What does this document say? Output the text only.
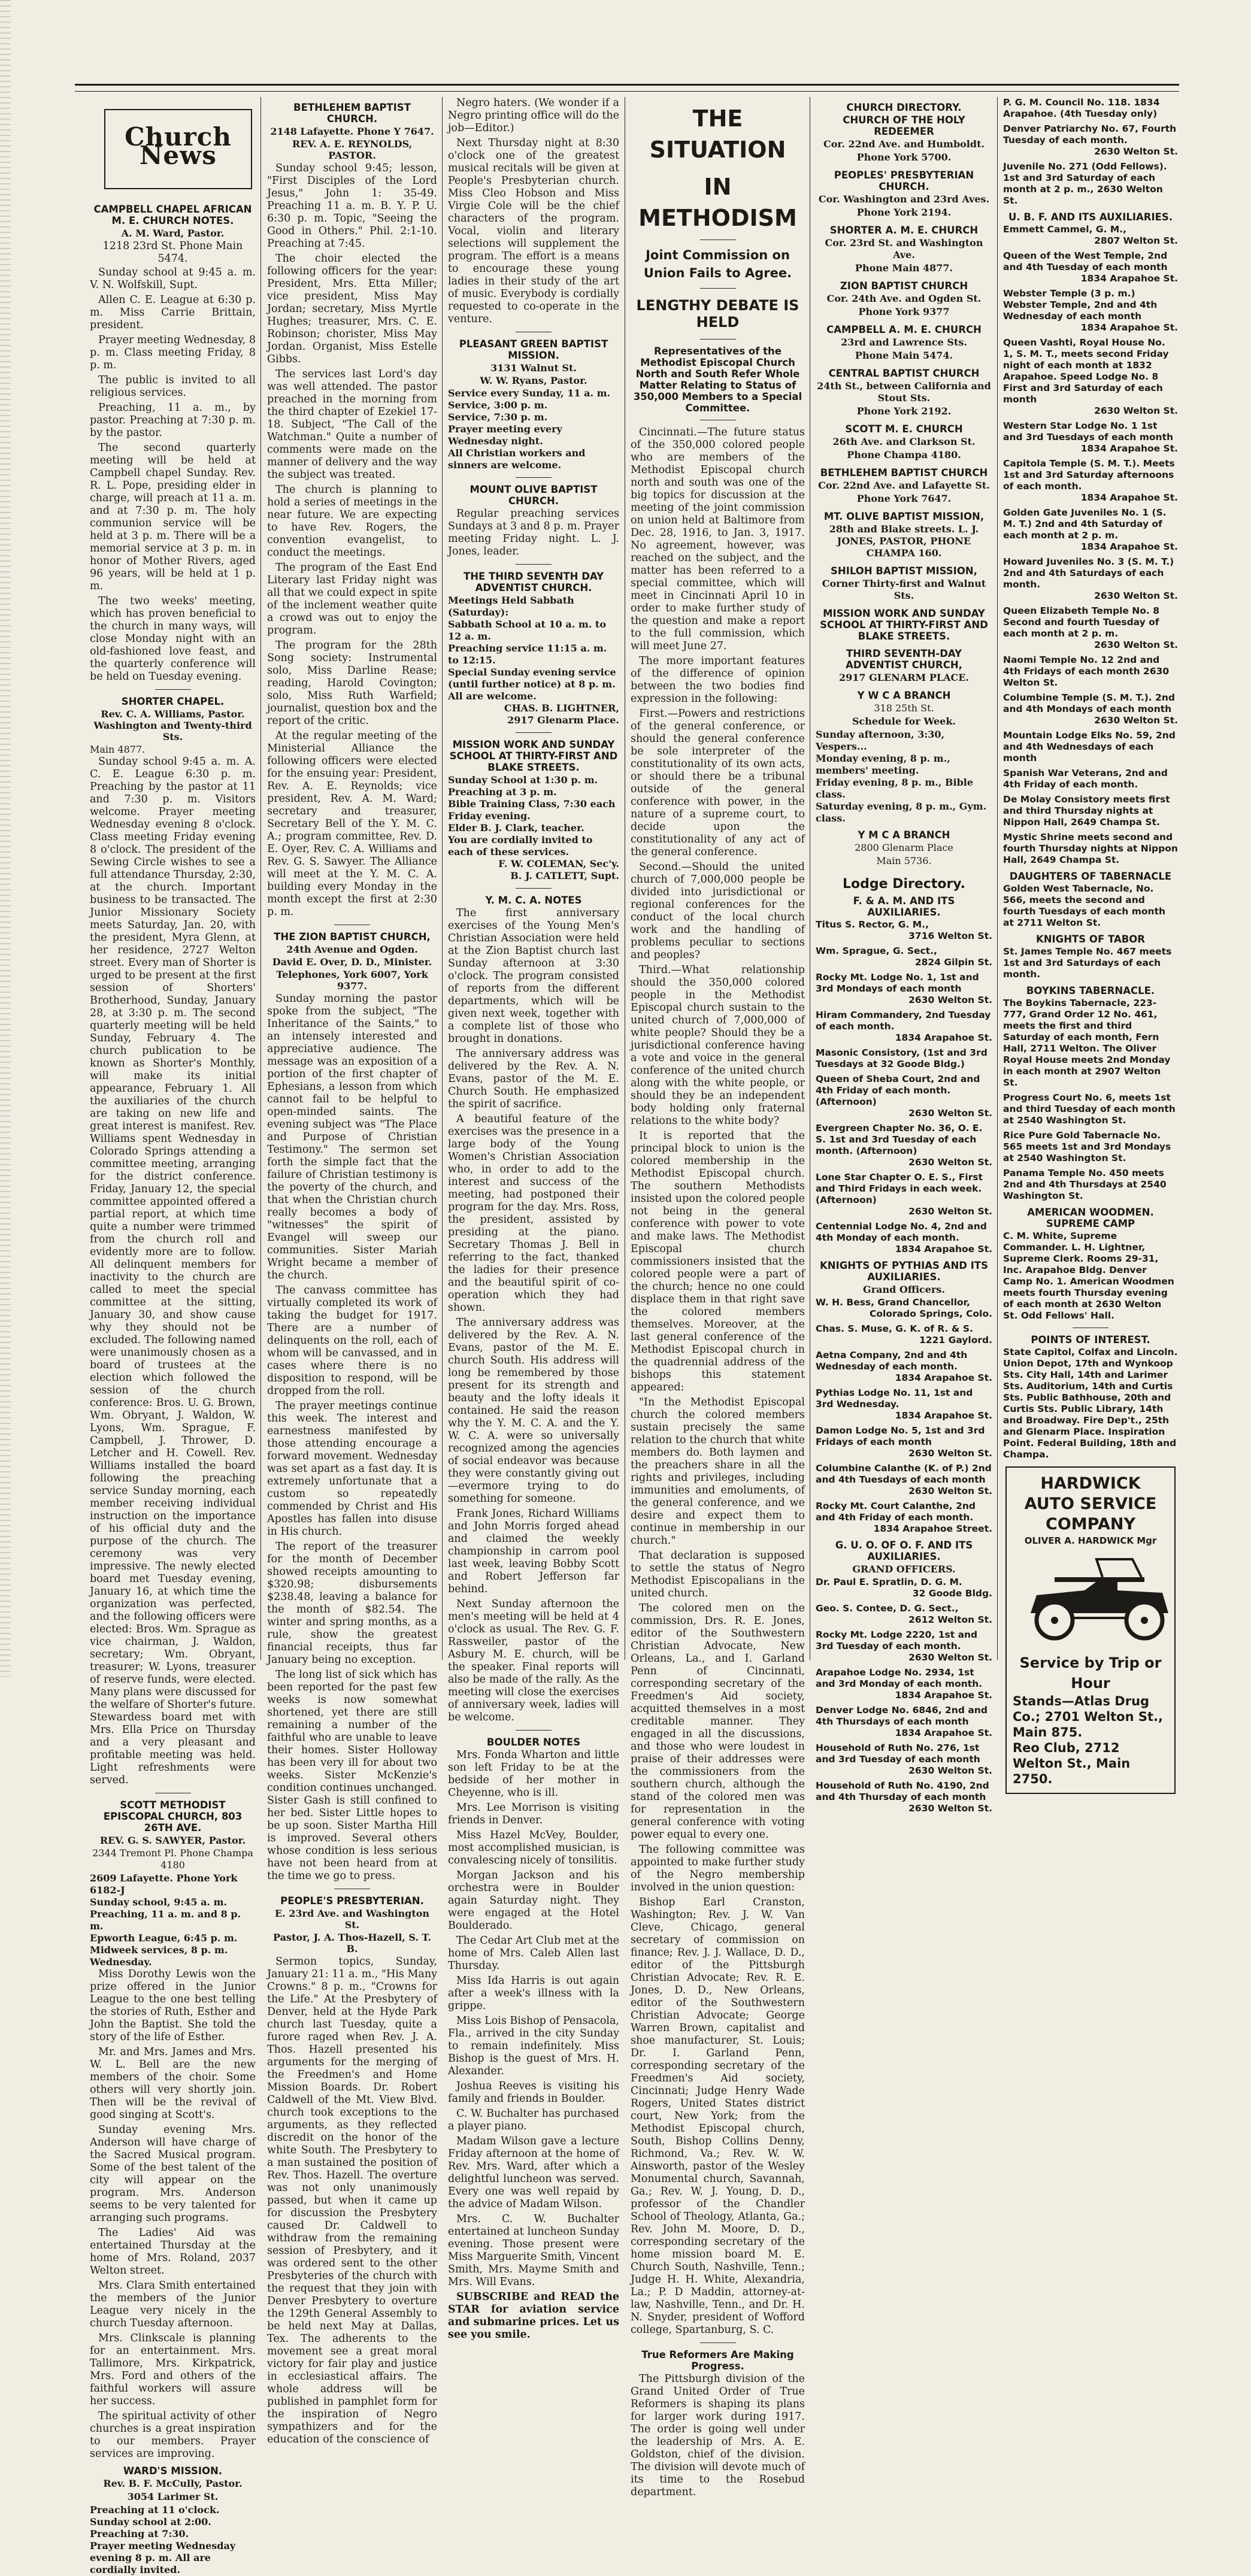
Church News
CAMPBELL CHAPEL AFRICAN M. E. CHURCH NOTES.
A. M. Ward, Pastor.
1218 23rd St. Phone Main 5474.

Sunday school at 9:45 a. m. V. N. Wolfskill, Supt.

Allen C. E. League at 6:30 p. m. Miss Carrie Brittain, president.

Prayer meeting Wednesday, 8 p. m. Class meeting Friday, 8 p. m.

The public is invited to all religious services.

Preaching, 11 a. m., by pastor. Preaching at 7:30 p. m. by the pastor.

The second quarterly meeting will be held at Campbell chapel Sunday. Rev. R. L. Pope, presiding elder in charge, will preach at 11 a. m. and at 7:30 p. m. The holy communion service will be held at 3 p. m. There will be a memorial service at 3 p. m. in honor of Mother Rivers, aged 96 years, will be held at 1 p. m.

The two weeks' meeting, which has proven beneficial to the church in many ways, will close Monday night with an old-fashioned love feast, and the quarterly conference will be held on Tuesday evening.

SHORTER CHAPEL.
Rev. C. A. Williams, Pastor. Washington and Twenty-third Sts.
Main 4877.

Sunday school 9:45 a. m. A. C. E. League 6:30 p. m. Preaching by the pastor at 11 and 7:30 p. m. Visitors welcome. Prayer meeting Wednesday evening 8 o'clock. Class meeting Friday evening 8 o'clock. The president of the Sewing Circle wishes to see a full attendance Thursday, 2:30, at the church. Important business to be transacted. The Junior Missionary Society meets Saturday, Jan. 20, with the president, Myra Glenn, at her residence, 2727 Welton street. Every man of Shorter is urged to be present at the first session of Shorters' Brotherhood, Sunday, January 28, at 3:30 p. m. The second quarterly meeting will be held Sunday, February 4. The church publication to be known as Shorter's Monthly, will make its initial appearance, February 1. All the auxiliaries of the church are taking on new life and great interest is manifest. Rev. Williams spent Wednesday in Colorado Springs attending a committee meeting, arranging for the district conference. Friday, January 12, the special committee appointed offered a partial report, at which time quite a number were trimmed from the church roll and evidently more are to follow. All delinquent members for inactivity to the church are called to meet the special committee at the sitting, January 30, and show cause why they should not be excluded. The following named were unanimously chosen as a board of trustees at the election which followed the session of the church conference: Bros. U. G. Brown, Wm. Obryant, J. Waldon, W. Lyons, Wm. Sprague, F. Campbell, J. Thrower, D. Letcher and H. Cowell. Rev. Williams installed the board following the preaching service Sunday morning, each member receiving individual instruction on the importance of his official duty and the purpose of the church. The ceremony was very impressive. The newly elected board met Tuesday evening, January 16, at which time the organization was perfected, and the following officers were elected: Bros. Wm. Sprague as vice chairman, J. Waldon, secretary; Wm. Obryant, treasurer; W. Lyons, treasurer of reserve funds, were elected. Many plans were discussed for the welfare of Shorter's future. Stewardess board met with Mrs. Ella Price on Thursday and a very pleasant and profitable meeting was held. Light refreshments were served.

SCOTT METHODIST EPISCOPAL CHURCH, 803 26TH AVE.
REV. G. S. SAWYER, Pastor.
2344 Tremont Pl. Phone Champa 4180
2609 Lafayette. Phone York 6182-J
Sunday school, 9:45 a. m.
Preaching, 11 a. m. and 8 p. m.
Epworth League, 6:45 p. m.
Midweek services, 8 p. m. Wednesday.

Miss Dorothy Lewis won the prize offered in the Junior League to the one best telling the stories of Ruth, Esther and John the Baptist. She told the story of the life of Esther.

Mr. and Mrs. James and Mrs. W. L. Bell are the new members of the choir. Some others will very shortly join. Then will be the revival of good singing at Scott's.

Sunday evening Mrs. Anderson will have charge of the Sacred Musical program. Some of the best talent of the city will appear on the program. Mrs. Anderson seems to be very talented for arranging such programs.

The Ladies' Aid was entertained Thursday at the home of Mrs. Roland, 2037 Welton street.

Mrs. Clara Smith entertained the members of the Junior League very nicely in the church Tuesday afternoon.

Mrs. Clinkscale is planning for an entertainment. Mrs. Tallimore, Mrs. Kirkpatrick, Mrs. Ford and others of the faithful workers will assure her success.

The spiritual activity of other churches is a great inspiration to our members. Prayer services are improving.

WARD'S MISSION.
Rev. B. F. McCully, Pastor.
3054 Larimer St.
Preaching at 11 o'clock.
Sunday school at 2:00.
Preaching at 7:30.
Prayer meeting Wednesday evening 8 p. m. All are cordially invited.
BETHLEHEM BAPTIST CHURCH.
2148 Lafayette. Phone Y 7647.
REV. A. E. REYNOLDS, PASTOR.

Sunday school 9:45; lesson, "First Disciples of the Lord Jesus," John 1: 35-49. Preaching 11 a. m. B. Y. P. U. 6:30 p. m. Topic, "Seeing the Good in Others." Phil. 2:1-10. Preaching at 7:45.

The choir elected the following officers for the year: President, Mrs. Etta Miller; vice president, Miss May Jordan; secretary, Miss Myrtle Hughes; treasurer, Mrs. C. E. Robinson; chorister, Miss May Jordan. Organist, Miss Estelle Gibbs.

The services last Lord's day was well attended. The pastor preached in the morning from the third chapter of Ezekiel 17-18. Subject, "The Call of the Watchman." Quite a number of comments were made on the manner of delivery and the way the subject was treated.

The church is planning to hold a series of meetings in the near future. We are expecting to have Rev. Rogers, the convention evangelist, to conduct the meetings.

The program of the East End Literary last Friday night was all that we could expect in spite of the inclement weather quite a crowd was out to enjoy the program.

The program for the 28th Song society: Instrumental solo, Miss Darline Rease; reading, Harold Covington; solo, Miss Ruth Warfield; journalist, question box and the report of the critic.

At the regular meeting of the Ministerial Alliance the following officers were elected for the ensuing year: President, Rev. A. E. Reynolds; vice president, Rev. A. M. Ward; secretary and treasurer, Secretary Bell of the Y. M. C. A.; program committee, Rev. D. E. Oyer, Rev. C. A. Williams and Rev. G. S. Sawyer. The Alliance will meet at the Y. M. C. A. building every Monday in the month except the first at 2:30 p. m.

THE ZION BAPTIST CHURCH,
24th Avenue and Ogden.
David E. Over, D. D., Minister.
Telephones, York 6007, York 9377.

Sunday morning the pastor spoke from the subject, "The Inheritance of the Saints," to an intensely interested and appreciative audience. The message was an exposition of a portion of the first chapter of Ephesians, a lesson from which cannot fail to be helpful to open-minded saints. The evening subject was "The Place and Purpose of Christian Testimony." The sermon set forth the simple fact that the failure of Christian testimony is the poverty of the church, and that when the Christian church really becomes a body of "witnesses" the spirit of Evangel will sweep our communities. Sister Mariah Wright became a member of the church.

The canvass committee has virtually completed its work of taking the budget for 1917. There are a number of delinquents on the roll, each of whom will be canvassed, and in cases where there is no disposition to respond, will be dropped from the roll.

The prayer meetings continue this week. The interest and earnestness manifested by those attending encourage a forward movement. Wednesday was set apart as a fast day. It is extremely unfortunate that a custom so repeatedly commended by Christ and His Apostles has fallen into disuse in His church.

The report of the treasurer for the month of December showed receipts amounting to $320.98; disbursements $238.48, leaving a balance for the month of $82.54. The winter and spring months, as a rule, show the greatest financial receipts, thus far January being no exception.

The long list of sick which has been reported for the past few weeks is now somewhat shortened, yet there are still remaining a number of the faithful who are unable to leave their homes. Sister Holloway has been very ill for about two weeks. Sister McKenzie's condition continues unchanged. Sister Gash is still confined to her bed. Sister Little hopes to be up soon. Sister Martha Hill is improved. Several others whose condition is less serious have not been heard from at the time we go to press.

PEOPLE'S PRESBYTERIAN.
E. 23rd Ave. and Washington St.
Pastor, J. A. Thos-Hazell, S. T. B.

Sermon topics, Sunday, January 21: 11 a. m., "His Many Crowns." 8 p. m., "Crowns for the Life." At the Presbytery of Denver, held at the Hyde Park church last Tuesday, quite a furore raged when Rev. J. A. Thos. Hazell presented his arguments for the merging of the Freedmen's and Home Mission Boards. Dr. Robert Caldwell of the Mt. View Blvd. church took exceptions to the arguments, as they reflected discredit on the honor of the white South. The Presbytery to a man sustained the position of Rev. Thos. Hazell. The overture was not only unanimously passed, but when it came up for discussion the Presbytery caused Dr. Caldwell to withdraw from the remaining session of Presbytery, and it was ordered sent to the other Presbyteries of the church with the request that they join with Denver Presbytery to overture the 129th General Assembly to be held next May at Dallas, Tex. The adherents to the movement see a great moral victory for fair play and justice in ecclesiastical affairs. The whole address will be published in pamphlet form for the inspiration of Negro sympathizers and for the education of the conscience of

Negro haters. (We wonder if a Negro printing office will do the job—Editor.)

Next Thursday night at 8:30 o'clock one of the greatest musical recitals will be given at People's Presbyterian church. Miss Cleo Hobson and Miss Virgie Cole will be the chief characters of the program. Vocal, violin and literary selections will supplement the program. The effort is a means to encourage these young ladies in their study of the art of music. Everybody is cordially requested to co-operate in the venture.

PLEASANT GREEN BAPTIST MISSION.
3131 Walnut St.
W. W. Ryans, Pastor.
Service every Sunday, 11 a. m.
Service, 3:00 p. m.
Service, 7:30 p. m.
Prayer meeting every Wednesday night.
All Christian workers and sinners are welcome.
MOUNT OLIVE BAPTIST CHURCH.

Regular preaching services Sundays at 3 and 8 p. m. Prayer meeting Friday night. L. J. Jones, leader.

THE THIRD SEVENTH DAY ADVENTIST CHURCH.
Meetings Held Sabbath (Saturday):
Sabbath School at 10 a. m. to 12 a. m.
Preaching service 11:15 a. m. to 12:15.
Special Sunday evening service (until further notice) at 8 p. m.
All are welcome.
CHAS. B. LIGHTNER,
2917 Glenarm Place.
MISSION WORK AND SUNDAY SCHOOL AT THIRTY-FIRST AND BLAKE STREETS.
Sunday School at 1:30 p. m.
Preaching at 3 p. m.
Bible Training Class, 7:30 each Friday evening.
Elder B. J. Clark, teacher.
You are cordially invited to each of these services.
F. W. COLEMAN, Sec'y.
B. J. CATLETT, Supt.
Y. M. C. A. NOTES

The first anniversary exercises of the Young Men's Christian Association were held at the Zion Baptist church last Sunday afternoon at 3:30 o'clock. The program consisted of reports from the different departments, which will be given next week, together with a complete list of those who brought in donations.

The anniversary address was delivered by the Rev. A. N. Evans, pastor of the M. E. Church South. He emphasized the spirit of sacrifice.

A beautiful feature of the exercises was the presence in a large body of the Young Women's Christian Association who, in order to add to the interest and success of the meeting, had postponed their program for the day. Mrs. Ross, the president, assisted by presiding at the piano. Secretary Thomas J. Bell in referring to the fact, thanked the ladies for their presence and the beautiful spirit of co-operation which they had shown.

The anniversary address was delivered by the Rev. A. N. Evans, pastor of the M. E. church South. His address will long be remembered by those present for its strength and beauty and the lofty ideals it contained. He said the reason why the Y. M. C. A. and the Y. W. C. A. were so universally recognized among the agencies of social endeavor was because they were constantly giving out—evermore trying to do something for someone.

Frank Jones, Richard Williams and John Morris forged ahead and claimed the weekly championship in carrom pool last week, leaving Bobby Scott and Robert Jefferson far behind.

Next Sunday afternoon the men's meeting will be held at 4 o'clock as usual. The Rev. G. F. Rassweiler, pastor of the Asbury M. E. church, will be the speaker. Final reports will also be made of the rally. As the meeting will close the exercises of anniversary week, ladies will be welcome.

BOULDER NOTES

Mrs. Fonda Wharton and little son left Friday to be at the bedside of her mother in Cheyenne, who is ill.

Mrs. Lee Morrison is visiting friends in Denver.

Miss Hazel McVey, Boulder, most accomplished musician, is convalescing nicely of tonsilitis.

Morgan Jackson and his orchestra were in Boulder again Saturday night. They were engaged at the Hotel Boulderado.

The Cedar Art Club met at the home of Mrs. Caleb Allen last Thursday.

Miss Ida Harris is out again after a week's illness with la grippe.

Miss Lois Bishop of Pensacola, Fla., arrived in the city Sunday to remain indefinitely. Miss Bishop is the guest of Mrs. H. Alexander.

Joshua Reeves is visiting his family and friends in Boulder.

C. W. Buchalter has purchased a player piano.

Madam Wilson gave a lecture Friday afternoon at the home of Rev. Mrs. Ward, after which a delightful luncheon was served. Every one was well repaid by the advice of Madam Wilson.

Mrs. C. W. Buchalter entertained at luncheon Sunday evening. Those present were Miss Marguerite Smith, Vincent Smith, Mrs. Mayme Smith and Mrs. Will Evans.

SUBSCRIBE and READ the STAR for aviation service and submarine prices. Let us see you smile.

THE SITUATION
IN METHODISM
Joint Commission on Union Fails to Agree.
LENGTHY DEBATE IS HELD
Representatives of the Methodist Episcopal Church North and South Refer Whole Matter Relating to Status of 350,000 Members to a Special Committee.

Cincinnati.—The future status of the 350,000 colored people who are members of the Methodist Episcopal church north and south was one of the big topics for discussion at the meeting of the joint commission on union held at Baltimore from Dec. 28, 1916, to Jan. 3, 1917. No agreement, however, was reached on the subject, and the matter has been referred to a special committee, which will meet in Cincinnati April 10 in order to make further study of the question and make a report to the full commission, which will meet June 27.

The more important features of the difference of opinion between the two bodies find expression in the following:

First.—Powers and restrictions of the general conference, or should the general conference be sole interpreter of the constitutionality of its own acts, or should there be a tribunal outside of the general conference with power, in the nature of a supreme court, to decide upon the constitutionality of any act of the general conference.

Second.—Should the united church of 7,000,000 people be divided into jurisdictional or regional conferences for the conduct of the local church work and the handling of problems peculiar to sections and peoples?

Third.—What relationship should the 350,000 colored people in the Methodist Episcopal church sustain to the united church of 7,000,000 of white people? Should they be a jurisdictional conference having a vote and voice in the general conference of the united church along with the white people, or should they be an independent body holding only fraternal relations to the white body?

It is reported that the principal block to union is the colored membership in the Methodist Episcopal church. The southern Methodists insisted upon the colored people not being in the general conference with power to vote and make laws. The Methodist Episcopal church commissioners insisted that the colored people were a part of the church; hence no one could displace them in that right save the colored members themselves. Moreover, at the last general conference of the Methodist Episcopal church in the quadrennial address of the bishops this statement appeared:

"In the Methodist Episcopal church the colored members sustain precisely the same relation to the church that white members do. Both laymen and the preachers share in all the rights and privileges, including immunities and emoluments, of the general conference, and we desire and expect them to continue in membership in our church."

That declaration is supposed to settle the status of Negro Methodist Episcopalians in the united church.

The colored men on the commission, Drs. R. E. Jones, editor of the Southwestern Christian Advocate, New Orleans, La., and I. Garland Penn of Cincinnati, corresponding secretary of the Freedmen's Aid society, acquitted themselves in a most creditable manner. They engaged in all the discussions, and those who were loudest in praise of their addresses were the commissioners from the southern church, although the stand of the colored men was for representation in the general conference with voting power equal to every one.

The following committee was appointed to make further study of the Negro membership involved in the union question:

Bishop Earl Cranston, Washington; Rev. J. W. Van Cleve, Chicago, general secretary of commission on finance; Rev. J. J. Wallace, D. D., editor of the Pittsburgh Christian Advocate; Rev. R. E. Jones, D. D., New Orleans, editor of the Southwestern Christian Advocate; George Warren Brown, capitalist and shoe manufacturer, St. Louis; Dr. I. Garland Penn, corresponding secretary of the Freedmen's Aid society, Cincinnati; Judge Henry Wade Rogers, United States district court, New York; from the Methodist Episcopal church, South, Bishop Collins Denny, Richmond, Va.; Rev. W. W. Ainsworth, pastor of the Wesley Monumental church, Savannah, Ga.; Rev. W. J. Young, D. D., professor of the Chandler School of Theology, Atlanta, Ga.; Rev. John M. Moore, D. D., corresponding secretary of the home mission board M. E. Church South, Nashville, Tenn.; Judge H. H. White, Alexandria, La.; P. D Maddin, attorney-at-law, Nashville, Tenn., and Dr. H. N. Snyder, president of Wofford college, Spartanburg, S. C.

True Reformers Are Making Progress.

The Pittsburgh division of the Grand United Order of True Reformers is shaping its plans for larger work during 1917. The order is going well under the leadership of Mrs. A. E. Goldston, chief of the division. The division will devote much of its time to the Rosebud department.

CHURCH DIRECTORY.
CHURCH OF THE HOLY REDEEMER
Cor. 22nd Ave. and Humboldt.
Phone York 5700.
PEOPLES' PRESBYTERIAN CHURCH.
Cor. Washington and 23rd Aves.
Phone York 2194.
SHORTER A. M. E. CHURCH
Cor. 23rd St. and Washington Ave.
Phone Main 4877.
ZION BAPTIST CHURCH
Cor. 24th Ave. and Ogden St.
Phone York 9377
CAMPBELL A. M. E. CHURCH
23rd and Lawrence Sts.
Phone Main 5474.
CENTRAL BAPTIST CHURCH
24th St., between California and Stout Sts.
Phone York 2192.
SCOTT M. E. CHURCH
26th Ave. and Clarkson St.
Phone Champa 4180.
BETHLEHEM BAPTIST CHURCH
Cor. 22nd Ave. and Lafayette St.
Phone York 7647.
MT. OLIVE BAPTIST MISSION,
28th and Blake streets. L. J. JONES, PASTOR, PHONE CHAMPA 160.
SHILOH BAPTIST MISSION,
Corner Thirty-first and Walnut Sts.
MISSION WORK AND SUNDAY SCHOOL AT THIRTY-FIRST AND BLAKE STREETS.
THIRD SEVENTH-DAY ADVENTIST CHURCH,
2917 GLENARM PLACE.
Y W C A BRANCH
318 25th St.
Schedule for Week.
Sunday afternoon, 3:30, Vespers...
Monday evening, 8 p. m., members' meeting.
Friday evening, 8 p. m., Bible class.
Saturday evening, 8 p. m., Gym. class.
Y M C A BRANCH
2800 Glenarm Place
Main 5736.
Lodge Directory.
F. & A. M. AND ITS AUXILIARIES.
Titus S. Rector, G. M.,
3716 Welton St.
Wm. Sprague, G. Sect.,
2824 Gilpin St.
Rocky Mt. Lodge No. 1, 1st and 3rd Mondays of each month
2630 Welton St.
Hiram Commandery, 2nd Tuesday of each month.
1834 Arapahoe St.
Masonic Consistory, (1st and 3rd Tuesdays at 32 Goode Bldg.)
Queen of Sheba Court, 2nd and 4th Friday of each month. (Afternoon)
2630 Welton St.
Evergreen Chapter No. 36, O. E. S. 1st and 3rd Tuesday of each month. (Afternoon)
2630 Welton St.
Lone Star Chapter O. E. S., First and Third Fridays in each week. (Afternoon)
2630 Welton St.
Centennial Lodge No. 4, 2nd and 4th Monday of each month.
1834 Arapahoe St.
KNIGHTS OF PYTHIAS AND ITS AUXILIARIES.
Grand Officers.
W. H. Bess, Grand Chancellor,
Colorado Springs, Colo.
Chas. S. Muse, G. K. of R. & S.
1221 Gaylord.
Aetna Company, 2nd and 4th Wednesday of each month.
1834 Arapahoe St.
Pythias Lodge No. 11, 1st and 3rd Wednesday.
1834 Arapahoe St.
Damon Lodge No. 5, 1st and 3rd Fridays of each month
2630 Welton St.
Columbine Calanthe (K. of P.) 2nd and 4th Tuesdays of each month
2630 Welton St.
Rocky Mt. Court Calanthe, 2nd and 4th Friday of each month.
1834 Arapahoe Street.
G. U. O. OF O. F. AND ITS AUXILIARIES.
GRAND OFFICERS.
Dr. Paul E. Spratlin, D. G. M.
32 Goode Bldg.
Geo. S. Contee, D. G. Sect.,
2612 Welton St.
Rocky Mt. Lodge 2220, 1st and 3rd Tuesday of each month.
2630 Welton St.
Arapahoe Lodge No. 2934, 1st and 3rd Monday of each month.
1834 Arapahoe St.
Denver Lodge No. 6846, 2nd and 4th Thursdays of each month
1834 Arapahoe St.
Household of Ruth No. 276, 1st and 3rd Tuesday of each month
2630 Welton St.
Household of Ruth No. 4190, 2nd and 4th Thursday of each month
2630 Welton St.
P. G. M. Council No. 118. 1834 Arapahoe. (4th Tuesday only)
Denver Patriarchy No. 67, Fourth Tuesday of each month.
2630 Welton St.
Juvenile No. 271 (Odd Fellows). 1st and 3rd Saturday of each month at 2 p. m., 2630 Welton St.
U. B. F. AND ITS AUXILIARIES.
Emmett Cammel, G. M.,
2807 Welton St.
Queen of the West Temple, 2nd and 4th Tuesday of each month
1834 Arapahoe St.
Webster Temple (3 p. m.) Webster Temple, 2nd and 4th Wednesday of each month
1834 Arapahoe St.
Queen Vashti, Royal House No. 1, S. M. T., meets second Friday night of each month at 1832 Arapahoe. Speed Lodge No. 8 First and 3rd Saturday of each month
2630 Welton St.
Western Star Lodge No. 1 1st and 3rd Tuesdays of each month
1834 Arapahoe St.
Capitola Temple (S. M. T.). Meets 1st and 3rd Saturday afternoons of each month.
1834 Arapahoe St.
Golden Gate Juveniles No. 1 (S. M. T.) 2nd and 4th Saturday of each month at 2 p. m.
1834 Arapahoe St.
Howard Juveniles No. 3 (S. M. T.) 2nd and 4th Saturdays of each month.
2630 Welton St.
Queen Elizabeth Temple No. 8 Second and fourth Tuesday of each month at 2 p. m.
2630 Welton St.
Naomi Temple No. 12 2nd and 4th Fridays of each month 2630 Welton St.
Columbine Temple (S. M. T.). 2nd and 4th Mondays of each month
2630 Welton St.
Mountain Lodge Elks No. 59, 2nd and 4th Wednesdays of each month
Spanish War Veterans, 2nd and 4th Friday of each month.
De Molay Consistory meets first and third Thursday nights at Nippon Hall, 2649 Champa St.
Mystic Shrine meets second and fourth Thursday nights at Nippon Hall, 2649 Champa St.
DAUGHTERS OF TABERNACLE
Golden West Tabernacle, No. 566, meets the second and fourth Tuesdays of each month at 2711 Welton St.
KNIGHTS OF TABOR
St. James Temple No. 467 meets 1st and 3rd Saturdays of each month.
BOYKINS TABERNACLE.
The Boykins Tabernacle, 223-777, Grand Order 12 No. 461, meets the first and third Saturday of each month, Fern Hall, 2711 Welton. The Oliver Royal House meets 2nd Monday in each month at 2907 Welton St.
Progress Court No. 6, meets 1st and third Tuesday of each month at 2540 Washington St.
Rice Pure Gold Tabernacle No. 565 meets 1st and 3rd Mondays at 2540 Washington St.
Panama Temple No. 450 meets 2nd and 4th Thursdays at 2540 Washington St.
AMERICAN WOODMEN. SUPREME CAMP
C. M. White, Supreme Commander. L. H. Lightner, Supreme Clerk. Rooms 29-31, Inc. Arapahoe Bldg. Denver Camp No. 1. American Woodmen meets fourth Thursday evening of each month at 2630 Welton St. Odd Fellows' Hall.
POINTS OF INTEREST.
State Capitol, Colfax and Lincoln. Union Depot, 17th and Wynkoop Sts. City Hall, 14th and Larimer Sts. Auditorium, 14th and Curtis Sts. Public Bathhouse, 20th and Curtis Sts. Public Library, 14th and Broadway. Fire Dep't., 25th and Glenarm Place. Inspiration Point. Federal Building, 18th and Champa.
HARDWICK AUTO SERVICE
COMPANY
OLIVER A. HARDWICK Mgr
Service by Trip or Hour
Stands—Atlas Drug Co.; 2701 Welton St., Main 875.
Reo Club, 2712 Welton St., Main 2750.
